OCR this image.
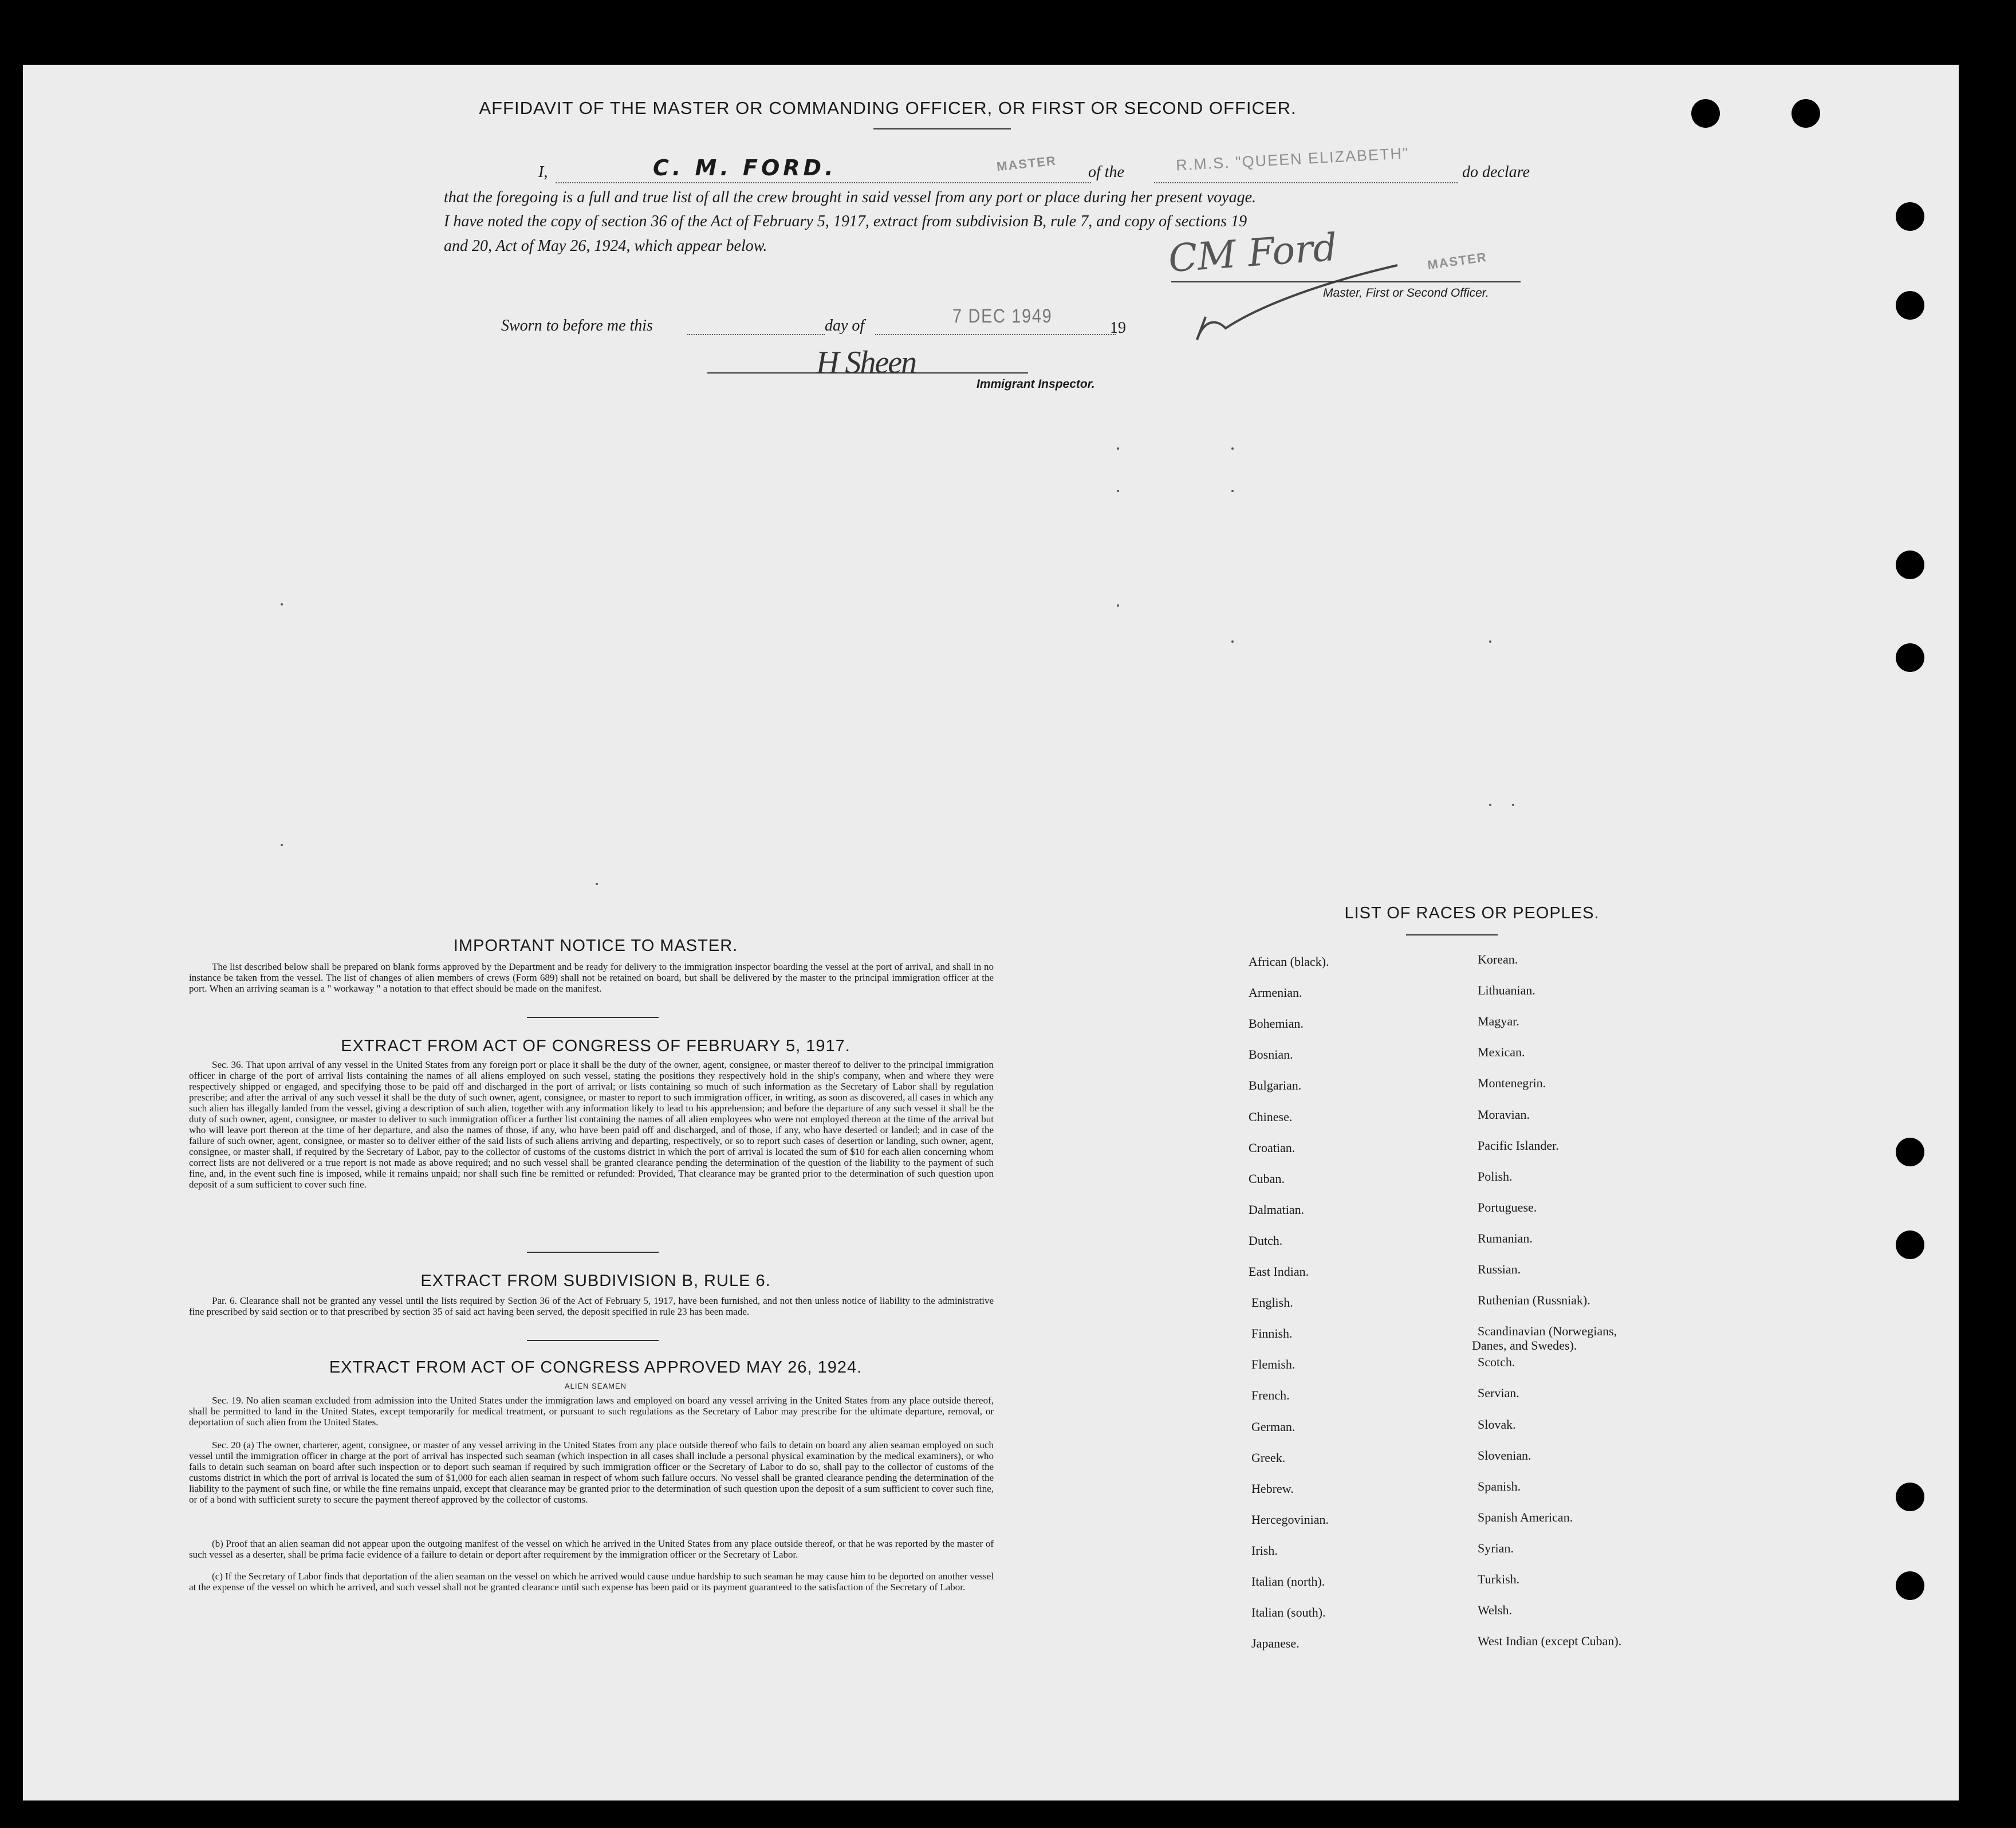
AFFIDAVIT OF THE MASTER OR COMMANDING OFFICER, OR FIRST OR SECOND OFFICER.
I,	C. M. FORD.	MASTER of the	R.M.S. "QUEEN ELIZABETH"	do declare
that the foregoing is a full and true list of all the crew brought in said vessel from any port or place during her present voyage.
I have noted the copy of section 36 of the Act of February 5, 1917, extract from subdivision B, rule 7, and copy of sections 19
and 20, Act of May 26, 1924, which appear below.	CM Ford	MASTER
Master, First or Second Officer.
Sworn to before me this	day of	7 DEC 1949
19
H Sheen
Immigrant Inspector.
IMPORTANT NOTICE TO MASTER.
The list described below shall be prepared on blank forms approved by the Department and be ready for delivery to the immigration inspector boarding the vessel at the port of arrival, and shall in no instance be taken from the vessel. The list of changes of alien members of crews (Form 689) shall not be retained on board, but shall be delivered by the master to the principal immigration officer at the port. When an arriving seaman is a " workaway " a notation to that effect should be made on the manifest.
EXTRACT FROM ACT OF CONGRESS OF FEBRUARY 5, 1917.
Sec. 36. That upon arrival of any vessel in the United States from any foreign port or place it shall be the duty of the owner, agent, consignee, or master thereof to deliver to the principal immigration officer in charge of the port of arrival lists containing the names of all aliens employed on such vessel, stating the positions they respectively hold in the ship's company, when and where they were respectively shipped or engaged, and specifying those to be paid off and discharged in the port of arrival; or lists containing so much of such information as the Secretary of Labor shall by regulation prescribe; and after the arrival of any such vessel it shall be the duty of such owner, agent, consignee, or master to report to such immigration officer, in writing, as soon as discovered, all cases in which any such alien has illegally landed from the vessel, giving a description of such alien, together with any information likely to lead to his apprehension; and before the departure of any such vessel it shall be the duty of such owner, agent, consignee, or master to deliver to such immigration officer a further list containing the names of all alien employees who were not employed thereon at the time of the arrival but who will leave port thereon at the time of her departure, and also the names of those, if any, who have been paid off and discharged, and of those, if any, who have deserted or landed; and in case of the failure of such owner, agent, consignee, or master so to deliver either of the said lists of such aliens arriving and departing, respectively, or so to report such cases of desertion or landing, such owner, agent, consignee, or master shall, if required by the Secretary of Labor, pay to the collector of customs of the customs district in which the port of arrival is located the sum of $10 for each alien concerning whom correct lists are not delivered or a true report is not made as above required; and no such vessel shall be granted clearance pending the determination of the question of the liability to the payment of such fine, and, in the event such fine is imposed, while it remains unpaid; nor shall such fine be remitted or refunded: Provided, That clearance may be granted prior to the determination of such question upon deposit of a sum sufficient to cover such fine.
EXTRACT FROM SUBDIVISION B, RULE 6.
Par. 6. Clearance shall not be granted any vessel until the lists required by Section 36 of the Act of February 5, 1917, have been furnished, and not then unless notice of liability to the administrative fine prescribed by said section or to that prescribed by section 35 of said act having been served, the deposit specified in rule 23 has been made.
EXTRACT FROM ACT OF CONGRESS APPROVED MAY 26, 1924.
ALIEN SEAMEN
Sec. 19. No alien seaman excluded from admission into the United States under the immigration laws and employed on board any vessel arriving in the United States from any place outside thereof, shall be permitted to land in the United States, except temporarily for medical treatment, or pursuant to such regulations as the Secretary of Labor may prescribe for the ultimate departure, removal, or deportation of such alien from the United States.
Sec. 20 (a) The owner, charterer, agent, consignee, or master of any vessel arriving in the United States from any place outside thereof who fails to detain on board any alien seaman employed on such vessel until the immigration officer in charge at the port of arrival has inspected such seaman (which inspection in all cases shall include a personal physical examination by the medical examiners), or who fails to detain such seaman on board after such inspection or to deport such seaman if required by such immigration officer or the Secretary of Labor to do so, shall pay to the collector of customs of the customs district in which the port of arrival is located the sum of $1,000 for each alien seaman in respect of whom such failure occurs. No vessel shall be granted clearance pending the determination of the liability to the payment of such fine, or while the fine remains unpaid, except that clearance may be granted prior to the determination of such question upon the deposit of a sum sufficient to cover such fine, or of a bond with sufficient surety to secure the payment thereof approved by the collector of customs.
(b) Proof that an alien seaman did not appear upon the outgoing manifest of the vessel on which he arrived in the United States from any place outside thereof, or that he was reported by the master of such vessel as a deserter, shall be prima facie evidence of a failure to detain or deport after requirement by the immigration officer or the Secretary of Labor.
(c) If the Secretary of Labor finds that deportation of the alien seaman on the vessel on which he arrived would cause undue hardship to such seaman he may cause him to be deported on another vessel at the expense of the vessel on which he arrived, and such vessel shall not be granted clearance until such expense has been paid or its payment guaranteed to the satisfaction of the Secretary of Labor.
LIST OF RACES OR PEOPLES.
African (black).
Armenian.
Bohemian.
Bosnian.
Bulgarian.
Chinese.
Croatian.
Cuban.
Dalmatian.
Dutch.
East Indian.
English.
Finnish.
Flemish.
French.
German.
Greek.
Hebrew.
Hercegovinian.
Irish.
Italian (north).
Italian (south).
Japanese.
Korean.
Lithuanian.
Magyar.
Mexican.
Montenegrin.
Moravian.
Pacific Islander.
Polish.
Portuguese.
Rumanian.
Russian.
Ruthenian (Russniak).
Scandinavian (Norwegians,
Scotch.
Servian.
Slovak.
Slovenian.
Spanish.
Spanish American.
Syrian.
Turkish.
Welsh.
West Indian (except Cuban).
Danes, and Swedes).
